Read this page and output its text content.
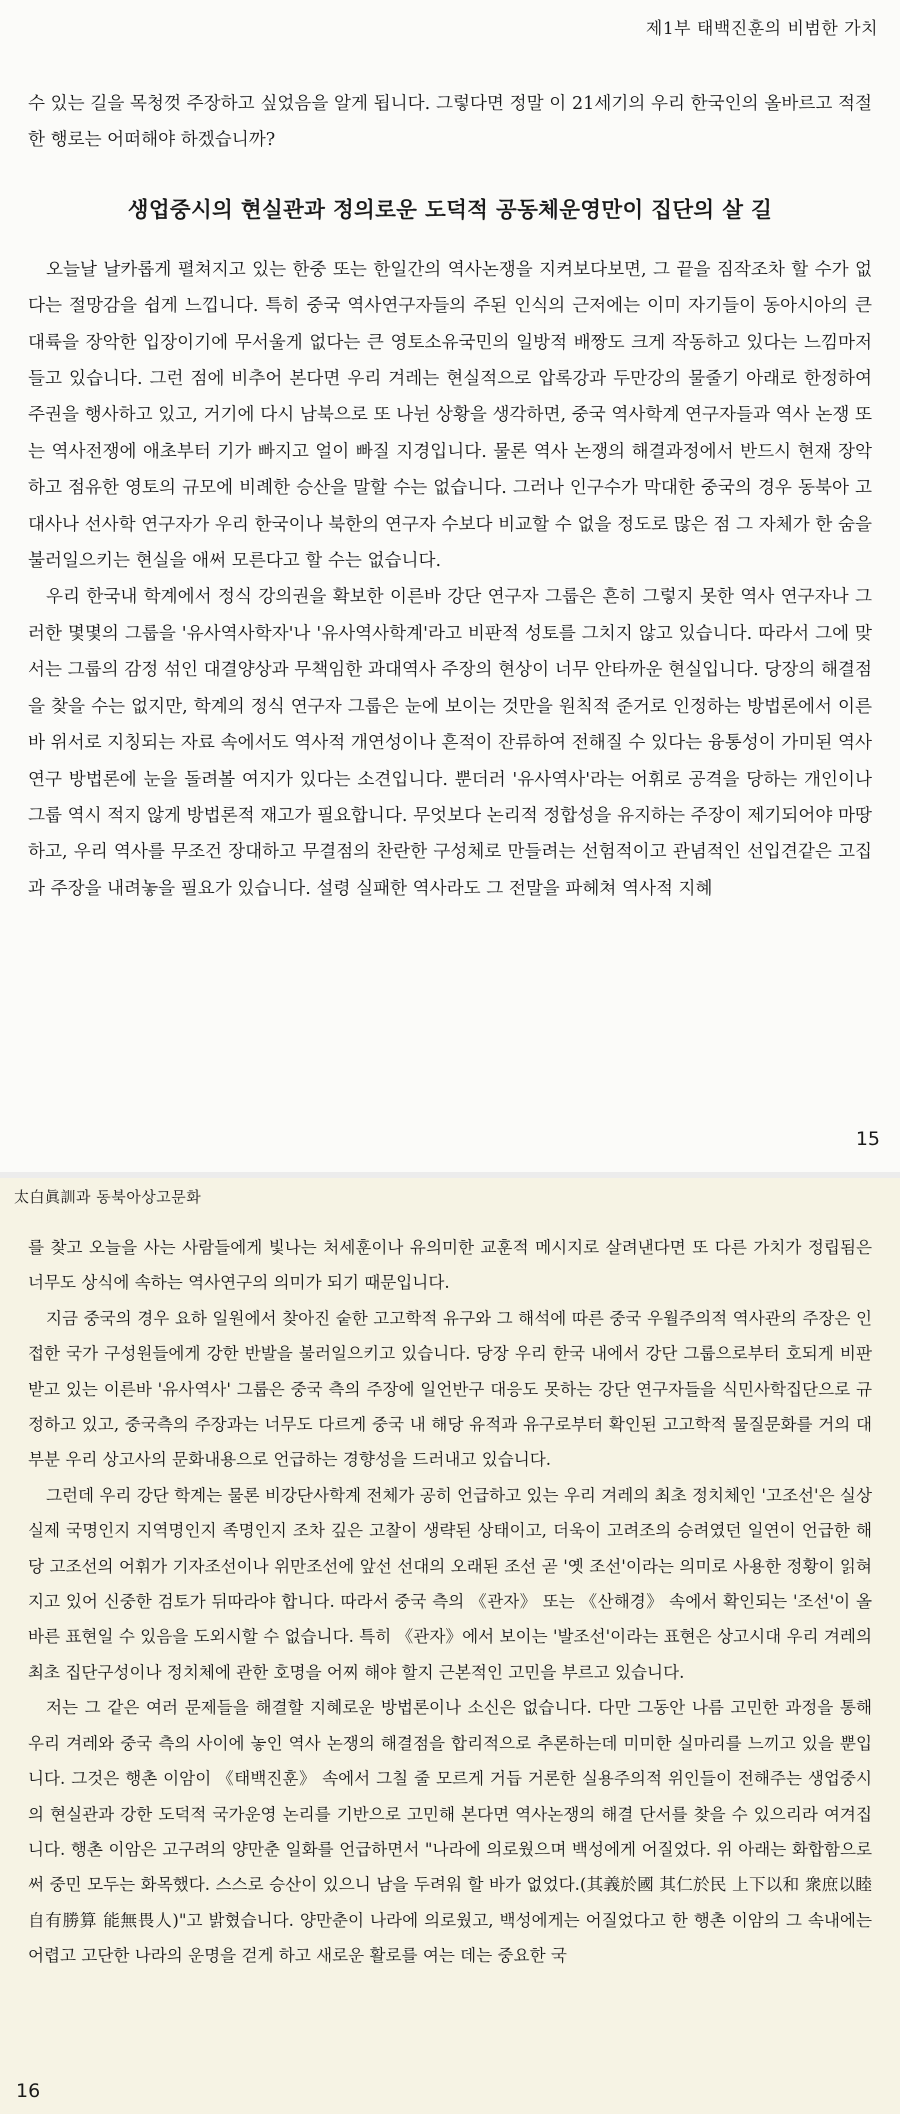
제1부 태백진훈의 비범한 가치

수 있는 길을 목청껏 주장하고 싶었음을 알게 됩니다. 그렇다면 정말 이 21세기의 우리 한국인의 올바르고 적절한 행로는 어떠해야 하겠습니까?

생업중시의 현실관과 정의로운 도덕적 공동체운영만이 집단의 살 길

오늘날 날카롭게 펼쳐지고 있는 한중 또는 한일간의 역사논쟁을 지켜보다보면, 그 끝을 짐작조차 할 수가 없다는 절망감을 쉽게 느낍니다. 특히 중국 역사연구자들의 주된 인식의 근저에는 이미 자기들이 동아시아의 큰 대륙을 장악한 입장이기에 무서울게 없다는 큰 영토소유국민의 일방적 배짱도 크게 작동하고 있다는 느낌마저 들고 있습니다. 그런 점에 비추어 본다면 우리 겨레는 현실적으로 압록강과 두만강의 물줄기 아래로 한정하여 주권을 행사하고 있고, 거기에 다시 남북으로 또 나뉜 상황을 생각하면, 중국 역사학계 연구자들과 역사 논쟁 또는 역사전쟁에 애초부터 기가 빠지고 얼이 빠질 지경입니다. 물론 역사 논쟁의 해결과정에서 반드시 현재 장악하고 점유한 영토의 규모에 비례한 승산을 말할 수는 없습니다. 그러나 인구수가 막대한 중국의 경우 동북아 고대사나 선사학 연구자가 우리 한국이나 북한의 연구자 수보다 비교할 수 없을 정도로 많은 점 그 자체가 한 숨을 불러일으키는 현실을 애써 모른다고 할 수는 없습니다.

우리 한국내 학계에서 정식 강의권을 확보한 이른바 강단 연구자 그룹은 흔히 그렇지 못한 역사 연구자나 그러한 몇몇의 그룹을 '유사역사학자'나 '유사역사학계'라고 비판적 성토를 그치지 않고 있습니다. 따라서 그에 맞서는 그룹의 감정 섞인 대결양상과 무책임한 과대역사 주장의 현상이 너무 안타까운 현실입니다. 당장의 해결점을 찾을 수는 없지만, 학계의 정식 연구자 그룹은 눈에 보이는 것만을 원칙적 준거로 인정하는 방법론에서 이른바 위서로 지칭되는 자료 속에서도 역사적 개연성이나 흔적이 잔류하여 전해질 수 있다는 융통성이 가미된 역사연구 방법론에 눈을 돌려볼 여지가 있다는 소견입니다. 뿐더러 '유사역사'라는 어휘로 공격을 당하는 개인이나 그룹 역시 적지 않게 방법론적 재고가 필요합니다. 무엇보다 논리적 정합성을 유지하는 주장이 제기되어야 마땅하고, 우리 역사를 무조건 장대하고 무결점의 찬란한 구성체로 만들려는 선험적이고 관념적인 선입견같은 고집과 주장을 내려놓을 필요가 있습니다. 설령 실패한 역사라도 그 전말을 파헤쳐 역사적 지혜

15
太白眞訓과 동북아상고문화

를 찾고 오늘을 사는 사람들에게 빛나는 처세훈이나 유의미한 교훈적 메시지로 살려낸다면 또 다른 가치가 정립됨은 너무도 상식에 속하는 역사연구의 의미가 되기 때문입니다.

지금 중국의 경우 요하 일원에서 찾아진 숱한 고고학적 유구와 그 해석에 따른 중국 우월주의적 역사관의 주장은 인접한 국가 구성원들에게 강한 반발을 불러일으키고 있습니다. 당장 우리 한국 내에서 강단 그룹으로부터 호되게 비판받고 있는 이른바 '유사역사' 그룹은 중국 측의 주장에 일언반구 대응도 못하는 강단 연구자들을 식민사학집단으로 규정하고 있고, 중국측의 주장과는 너무도 다르게 중국 내 해당 유적과 유구로부터 확인된 고고학적 물질문화를 거의 대부분 우리 상고사의 문화내용으로 언급하는 경향성을 드러내고 있습니다.

그런데 우리 강단 학계는 물론 비강단사학계 전체가 공히 언급하고 있는 우리 겨레의 최초 정치체인 '고조선'은 실상 실제 국명인지 지역명인지 족명인지 조차 깊은 고찰이 생략된 상태이고, 더욱이 고려조의 승려였던 일연이 언급한 해당 고조선의 어휘가 기자조선이나 위만조선에 앞선 선대의 오래된 조선 곧 '옛 조선'이라는 의미로 사용한 정황이 읽혀지고 있어 신중한 검토가 뒤따라야 합니다. 따라서 중국 측의 《관자》 또는 《산해경》 속에서 확인되는 '조선'이 올바른 표현일 수 있음을 도외시할 수 없습니다. 특히 《관자》에서 보이는 '발조선'이라는 표현은 상고시대 우리 겨레의 최초 집단구성이나 정치체에 관한 호명을 어찌 해야 할지 근본적인 고민을 부르고 있습니다.

저는 그 같은 여러 문제들을 해결할 지혜로운 방법론이나 소신은 없습니다. 다만 그동안 나름 고민한 과정을 통해 우리 겨레와 중국 측의 사이에 놓인 역사 논쟁의 해결점을 합리적으로 추론하는데 미미한 실마리를 느끼고 있을 뿐입니다. 그것은 행촌 이암이 《태백진훈》 속에서 그칠 줄 모르게 거듭 거론한 실용주의적 위인들이 전해주는 생업중시의 현실관과 강한 도덕적 국가운영 논리를 기반으로 고민해 본다면 역사논쟁의 해결 단서를 찾을 수 있으리라 여겨집니다. 행촌 이암은 고구려의 양만춘 일화를 언급하면서 "나라에 의로웠으며 백성에게 어질었다. 위 아래는 화합함으로써 중민 모두는 화목했다. 스스로 승산이 있으니 남을 두려워 할 바가 없었다.(其義於國 其仁於民 上下以和 衆庶以睦 自有勝算 能無畏人)"고 밝혔습니다. 양만춘이 나라에 의로웠고, 백성에게는 어질었다고 한 행촌 이암의 그 속내에는 어렵고 고단한 나라의 운명을 걷게 하고 새로운 활로를 여는 데는 중요한 국

16
